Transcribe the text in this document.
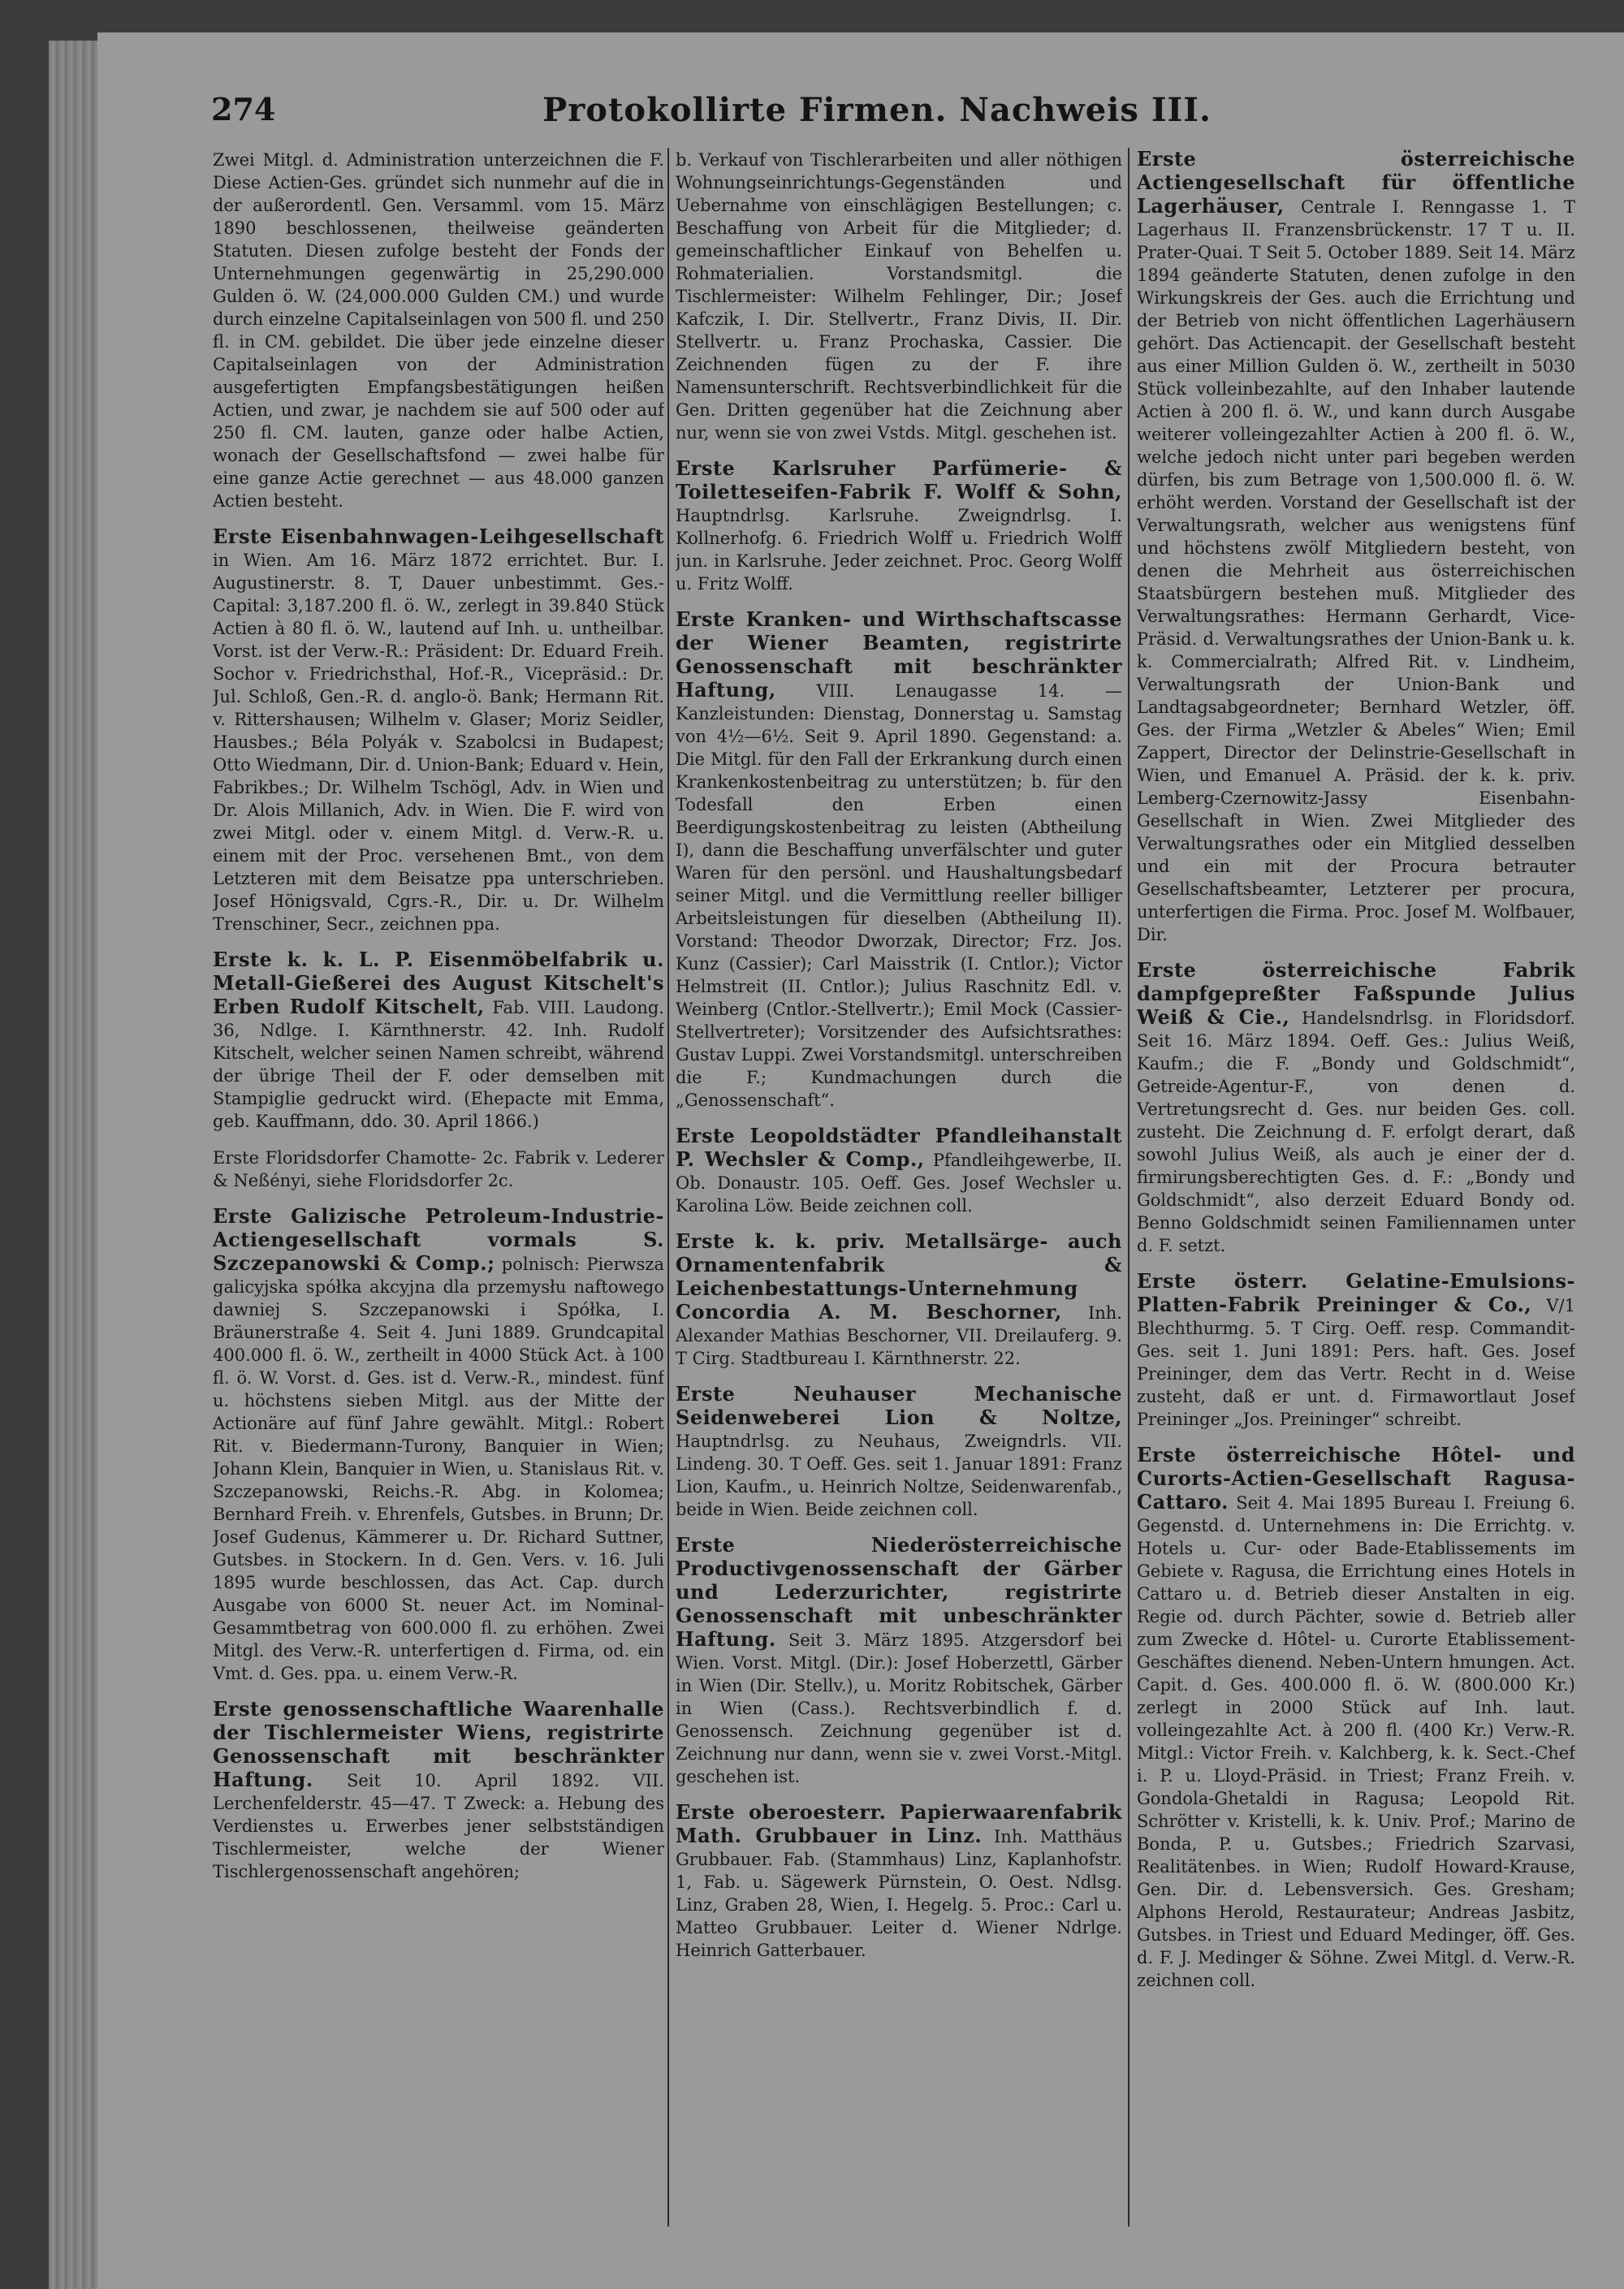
274	Protokollirte Firmen. Nachweis III.
Zwei Mitgl. d. Administration unterzeichnen die F. Diese Actien-Ges. gründet sich nunmehr auf die in der außerordentl. Gen. Versamml. vom 15. März 1890 beschlossenen, theilweise geänderten Statuten. Diesen zufolge besteht der Fonds der Unternehmungen gegenwärtig in 25,290.000 Gulden ö. W. (24,000.000 Gulden CM.) und wurde durch einzelne Capitalseinlagen von 500 fl. und 250 fl. in CM. gebildet. Die über jede einzelne dieser Capitalseinlagen von der Administration ausgefertigten Empfangsbestätigungen heißen Actien, und zwar, je nachdem sie auf 500 oder auf 250 fl. CM. lauten, ganze oder halbe Actien, wonach der Gesellschaftsfond — zwei halbe für eine ganze Actie gerechnet — aus 48.000 ganzen Actien besteht.
Erste Eisenbahnwagen-Leihgesellschaft in Wien. Am 16. März 1872 errichtet. Bur. I. Augustinerstr. 8. T, Dauer unbestimmt. Ges.-Capital: 3,187.200 fl. ö. W., zerlegt in 39.840 Stück Actien à 80 fl. ö. W., lautend auf Inh. u. untheilbar. Vorst. ist der Verw.-R.: Präsident: Dr. Eduard Freih. Sochor v. Friedrichsthal, Hof.-R., Vicepräsid.: Dr. Jul. Schloß, Gen.-R. d. anglo-ö. Bank; Hermann Rit. v. Rittershausen; Wilhelm v. Glaser; Moriz Seidler, Hausbes.; Béla Polyák v. Szabolcsi in Budapest; Otto Wiedmann, Dir. d. Union-Bank; Eduard v. Hein, Fabrikbes.; Dr. Wilhelm Tschögl, Adv. in Wien und Dr. Alois Millanich, Adv. in Wien. Die F. wird von zwei Mitgl. oder v. einem Mitgl. d. Verw.-R. u. einem mit der Proc. versehenen Bmt., von dem Letzteren mit dem Beisatze ppa unterschrieben. Josef Hönigsvald, Cgrs.-R., Dir. u. Dr. Wilhelm Trenschiner, Secr., zeichnen ppa.
Erste k. k. L. P. Eisenmöbelfabrik u. Metall-Gießerei des August Kitschelt's Erben Rudolf Kitschelt, Fab. VIII. Laudong. 36, Ndlge. I. Kärnthnerstr. 42. Inh. Rudolf Kitschelt, welcher seinen Namen schreibt, während der übrige Theil der F. oder demselben mit Stampiglie gedruckt wird. (Ehepacte mit Emma, geb. Kauffmann, ddo. 30. April 1866.)
Erste Floridsdorfer Chamotte- 2c. Fabrik v. Lederer & Neßényi, siehe Floridsdorfer 2c.
Erste Galizische Petroleum-Industrie-Actiengesellschaft vormals S. Szczepanowski & Comp.; polnisch: Pierwsza galicyjska spółka akcyjna dla przemysłu naftowego dawniej S. Szczepanowski i Spółka, I. Bräunerstraße 4. Seit 4. Juni 1889. Grundcapital 400.000 fl. ö. W., zertheilt in 4000 Stück Act. à 100 fl. ö. W. Vorst. d. Ges. ist d. Verw.-R., mindest. fünf u. höchstens sieben Mitgl. aus der Mitte der Actionäre auf fünf Jahre gewählt. Mitgl.: Robert Rit. v. Biedermann-Turony, Banquier in Wien; Johann Klein, Banquier in Wien, u. Stanislaus Rit. v. Szczepanowski, Reichs.-R. Abg. in Kolomea; Bernhard Freih. v. Ehrenfels, Gutsbes. in Brunn; Dr. Josef Gudenus, Kämmerer u. Dr. Richard Suttner, Gutsbes. in Stockern. In d. Gen. Vers. v. 16. Juli 1895 wurde beschlossen, das Act. Cap. durch Ausgabe von 6000 St. neuer Act. im Nominal-Gesammtbetrag von 600.000 fl. zu erhöhen. Zwei Mitgl. des Verw.-R. unterfertigen d. Firma, od. ein Vmt. d. Ges. ppa. u. einem Verw.-R.
Erste genossenschaftliche Waarenhalle der Tischlermeister Wiens, registrirte Genossenschaft mit beschränkter Haftung. Seit 10. April 1892. VII. Lerchenfelderstr. 45—47. T Zweck: a. Hebung des Verdienstes u. Erwerbes jener selbstständigen Tischlermeister, welche der Wiener Tischlergenossenschaft angehören;
b. Verkauf von Tischlerarbeiten und aller nöthigen Wohnungseinrichtungs-Gegenständen und Uebernahme von einschlägigen Bestellungen; c. Beschaffung von Arbeit für die Mitglieder; d. gemeinschaftlicher Einkauf von Behelfen u. Rohmaterialien. Vorstandsmitgl. die Tischlermeister: Wilhelm Fehlinger, Dir.; Josef Kafczik, I. Dir. Stellvertr., Franz Divis, II. Dir. Stellvertr. u. Franz Prochaska, Cassier. Die Zeichnenden fügen zu der F. ihre Namensunterschrift. Rechtsverbindlichkeit für die Gen. Dritten gegenüber hat die Zeichnung aber nur, wenn sie von zwei Vstds. Mitgl. geschehen ist.
Erste Karlsruher Parfümerie- & Toiletteseifen-Fabrik F. Wolff & Sohn, Hauptndrlsg. Karlsruhe. Zweigndrlsg. I. Kollnerhofg. 6. Friedrich Wolff u. Friedrich Wolff jun. in Karlsruhe. Jeder zeichnet. Proc. Georg Wolff u. Fritz Wolff.
Erste Kranken- und Wirthschaftscasse der Wiener Beamten, registrirte Genossenschaft mit beschränkter Haftung, VIII. Lenaugasse 14. — Kanzleistunden: Dienstag, Donnerstag u. Samstag von 4½—6½. Seit 9. April 1890. Gegenstand: a. Die Mitgl. für den Fall der Erkrankung durch einen Krankenkostenbeitrag zu unterstützen; b. für den Todesfall den Erben einen Beerdigungskostenbeitrag zu leisten (Abtheilung I), dann die Beschaffung unverfälschter und guter Waren für den persönl. und Haushaltungsbedarf seiner Mitgl. und die Vermittlung reeller billiger Arbeitsleistungen für dieselben (Abtheilung II). Vorstand: Theodor Dworzak, Director; Frz. Jos. Kunz (Cassier); Carl Maisstrik (I. Cntlor.); Victor Helmstreit (II. Cntlor.); Julius Raschnitz Edl. v. Weinberg (Cntlor.-Stellvertr.); Emil Mock (Cassier-Stellvertreter); Vorsitzender des Aufsichtsrathes: Gustav Luppi. Zwei Vorstandsmitgl. unterschreiben die F.; Kundmachungen durch die „Genossenschaft“.
Erste Leopoldstädter Pfandleihanstalt P. Wechsler & Comp., Pfandleihgewerbe, II. Ob. Donaustr. 105. Oeff. Ges. Josef Wechsler u. Karolina Löw. Beide zeichnen coll.
Erste k. k. priv. Metallsärge- auch Ornamentenfabrik & Leichenbestattungs-Unternehmung Concordia A. M. Beschorner, Inh. Alexander Mathias Beschorner, VII. Dreilauferg. 9. T Cirg. Stadtbureau I. Kärnthnerstr. 22.
Erste Neuhauser Mechanische Seidenweberei Lion & Noltze, Hauptndrlsg. zu Neuhaus, Zweigndrls. VII. Lindeng. 30. T Oeff. Ges. seit 1. Januar 1891: Franz Lion, Kaufm., u. Heinrich Noltze, Seidenwarenfab., beide in Wien. Beide zeichnen coll.
Erste Niederösterreichische Productivgenossenschaft der Gärber und Lederzurichter, registrirte Genossenschaft mit unbeschränkter Haftung. Seit 3. März 1895. Atzgersdorf bei Wien. Vorst. Mitgl. (Dir.): Josef Hoberzettl, Gärber in Wien (Dir. Stellv.), u. Moritz Robitschek, Gärber in Wien (Cass.). Rechtsverbindlich f. d. Genossensch. Zeichnung gegenüber ist d. Zeichnung nur dann, wenn sie v. zwei Vorst.-Mitgl. geschehen ist.
Erste oberoesterr. Papierwaarenfabrik Math. Grubbauer in Linz. Inh. Matthäus Grubbauer. Fab. (Stammhaus) Linz, Kaplanhofstr. 1, Fab. u. Sägewerk Pürnstein, O. Oest. Ndlsg. Linz, Graben 28, Wien, I. Hegelg. 5. Proc.: Carl u. Matteo Grubbauer. Leiter d. Wiener Ndrlge. Heinrich Gatterbauer.
Erste österreichische Actiengesellschaft für öffentliche Lagerhäuser, Centrale I. Renngasse 1. T Lagerhaus II. Franzensbrückenstr. 17 T u. II. Prater-Quai. T Seit 5. October 1889. Seit 14. März 1894 geänderte Statuten, denen zufolge in den Wirkungskreis der Ges. auch die Errichtung und der Betrieb von nicht öffentlichen Lagerhäusern gehört. Das Actiencapit. der Gesellschaft besteht aus einer Million Gulden ö. W., zertheilt in 5030 Stück volleinbezahlte, auf den Inhaber lautende Actien à 200 fl. ö. W., und kann durch Ausgabe weiterer volleingezahlter Actien à 200 fl. ö. W., welche jedoch nicht unter pari begeben werden dürfen, bis zum Betrage von 1,500.000 fl. ö. W. erhöht werden. Vorstand der Gesellschaft ist der Verwaltungsrath, welcher aus wenigstens fünf und höchstens zwölf Mitgliedern besteht, von denen die Mehrheit aus österreichischen Staatsbürgern bestehen muß. Mitglieder des Verwaltungsrathes: Hermann Gerhardt, Vice-Präsid. d. Verwaltungsrathes der Union-Bank u. k. k. Commercialrath; Alfred Rit. v. Lindheim, Verwaltungsrath der Union-Bank und Landtagsabgeordneter; Bernhard Wetzler, öff. Ges. der Firma „Wetzler & Abeles“ Wien; Emil Zappert, Director der Delinstrie-Gesellschaft in Wien, und Emanuel A. Präsid. der k. k. priv. Lemberg-Czernowitz-Jassy Eisenbahn-Gesellschaft in Wien. Zwei Mitglieder des Verwaltungsrathes oder ein Mitglied desselben und ein mit der Procura betrauter Gesellschaftsbeamter, Letzterer per procura, unterfertigen die Firma. Proc. Josef M. Wolfbauer, Dir.
Erste österreichische Fabrik dampfgepreßter Faßspunde Julius Weiß & Cie., Handelsndrlsg. in Floridsdorf. Seit 16. März 1894. Oeff. Ges.: Julius Weiß, Kaufm.; die F. „Bondy und Goldschmidt“, Getreide-Agentur-F., von denen d. Vertretungsrecht d. Ges. nur beiden Ges. coll. zusteht. Die Zeichnung d. F. erfolgt derart, daß sowohl Julius Weiß, als auch je einer der d. firmirungsberechtigten Ges. d. F.: „Bondy und Goldschmidt“, also derzeit Eduard Bondy od. Benno Goldschmidt seinen Familiennamen unter d. F. setzt.
Erste österr. Gelatine-Emulsions-Platten-Fabrik Preininger & Co., V/1 Blechthurmg. 5. T Cirg. Oeff. resp. Commandit-Ges. seit 1. Juni 1891: Pers. haft. Ges. Josef Preininger, dem das Vertr. Recht in d. Weise zusteht, daß er unt. d. Firmawortlaut Josef Preininger „Jos. Preininger“ schreibt.
Erste österreichische Hôtel- und Curorts-Actien-Gesellschaft Ragusa-Cattaro. Seit 4. Mai 1895 Bureau I. Freiung 6. Gegenstd. d. Unternehmens in: Die Errichtg. v. Hotels u. Cur- oder Bade-Etablissements im Gebiete v. Ragusa, die Errichtung eines Hotels in Cattaro u. d. Betrieb dieser Anstalten in eig. Regie od. durch Pächter, sowie d. Betrieb aller zum Zwecke d. Hôtel- u. Curorte Etablissement-Geschäftes dienend. Neben-Untern hmungen. Act. Capit. d. Ges. 400.000 fl. ö. W. (800.000 Kr.) zerlegt in 2000 Stück auf Inh. laut. volleingezahlte Act. à 200 fl. (400 Kr.) Verw.-R. Mitgl.: Victor Freih. v. Kalchberg, k. k. Sect.-Chef i. P. u. Lloyd-Präsid. in Triest; Franz Freih. v. Gondola-Ghetaldi in Ragusa; Leopold Rit. Schrötter v. Kristelli, k. k. Univ. Prof.; Marino de Bonda, P. u. Gutsbes.; Friedrich Szarvasi, Realitätenbes. in Wien; Rudolf Howard-Krause, Gen. Dir. d. Lebensversich. Ges. Gresham; Alphons Herold, Restaurateur; Andreas Jasbitz, Gutsbes. in Triest und Eduard Medinger, öff. Ges. d. F. J. Medinger & Söhne. Zwei Mitgl. d. Verw.-R. zeichnen coll.
